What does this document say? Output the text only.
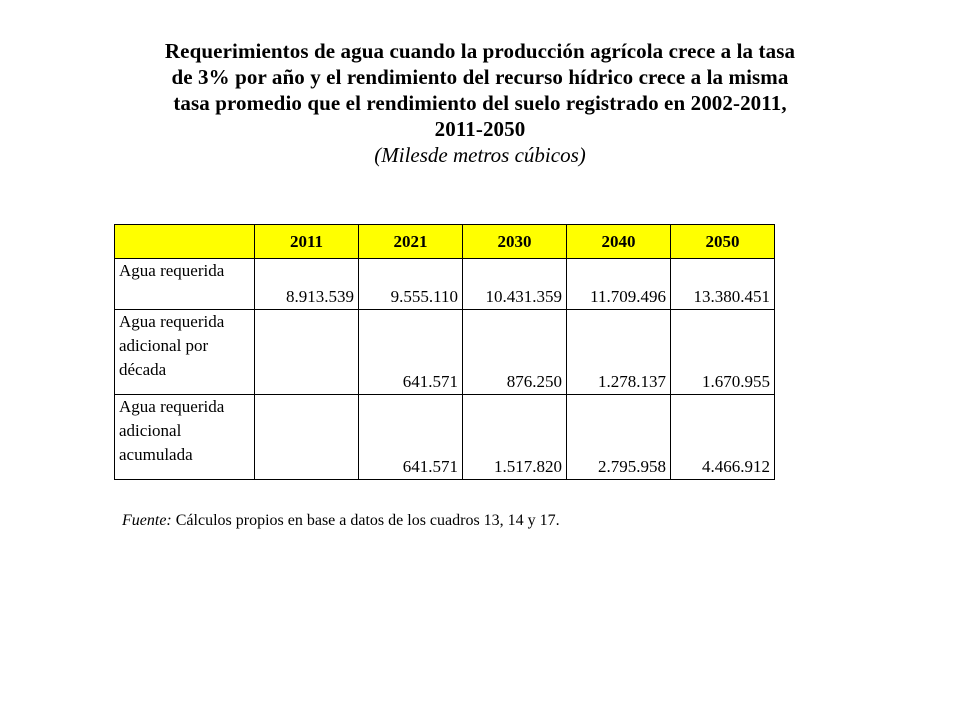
Requerimientos de agua cuando la producción agrícola crece a la tasa
de 3% por año y el rendimiento del recurso hídrico crece a la misma
tasa promedio que el rendimiento del suelo registrado en 2002-2011,
2011-2050
(Milesde metros cúbicos)
	2011	2021	2030	2040	2050
Agua requerida	8.913.539	9.555.110	10.431.359	11.709.496	13.380.451
Agua requerida adicional por década		641.571	876.250	1.278.137	1.670.955
Agua requerida adicional acumulada		641.571	1.517.820	2.795.958	4.466.912
Fuente: Cálculos propios en base a datos de los cuadros 13, 14 y 17.
